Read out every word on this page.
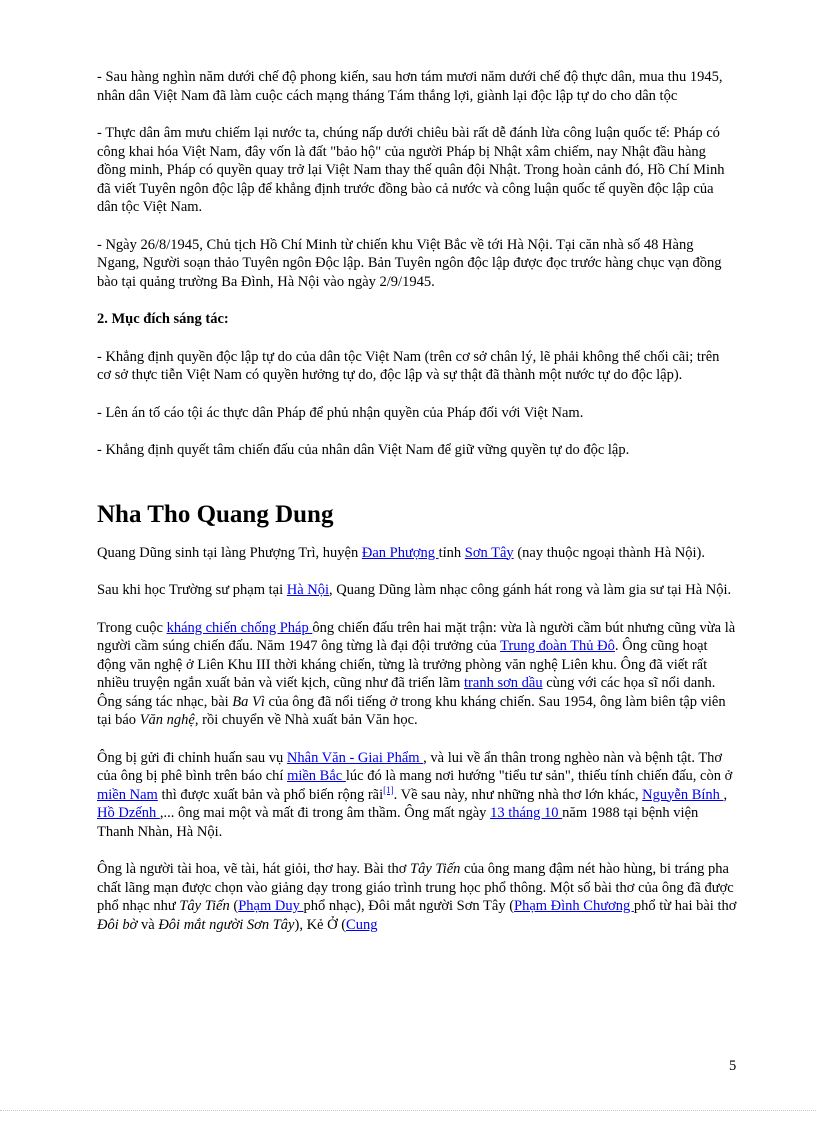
- Sau hàng nghìn năm dưới chế độ phong kiến, sau hơn tám mươi năm dưới chế độ thực dân, mua thu 1945, nhân dân Việt Nam đã làm cuộc cách mạng tháng Tám thắng lợi, giành lại độc lập tự do cho dân tộc

- Thực dân âm mưu chiếm lại nước ta, chúng nấp dưới chiêu bài rất dễ đánh lừa công luận quốc tế: Pháp có công khai hóa Việt Nam, đây vốn là đất "bảo hộ" của người Pháp bị Nhật xâm chiếm, nay Nhật đầu hàng đồng minh, Pháp có quyền quay trở lại Việt Nam thay thế quân đội Nhật. Trong hoàn cảnh đó, Hồ Chí Minh đã viết Tuyên ngôn độc lập để khẳng định trước đồng bào cả nước và công luận quốc tế quyền độc lập của dân tộc Việt Nam.

- Ngày 26/8/1945, Chủ tịch Hồ Chí Minh từ chiến khu Việt Bắc về tới Hà Nội. Tại căn nhà số 48 Hàng Ngang, Người soạn thảo Tuyên ngôn Độc lập. Bản Tuyên ngôn độc lập được đọc trước hàng chục vạn đồng bào tại quảng trường Ba Đình, Hà Nội vào ngày 2/9/1945.

2. Mục đích sáng tác:

- Khẳng định quyền độc lập tự do của dân tộc Việt Nam (trên cơ sở chân lý, lẽ phải không thể chối cãi; trên cơ sở thực tiễn Việt Nam có quyền hưởng tự do, độc lập và sự thật đã thành một nước tự do độc lập).

- Lên án tố cáo tội ác thực dân Pháp để phủ nhận quyền của Pháp đối với Việt Nam.

- Khẳng định quyết tâm chiến đấu của nhân dân Việt Nam để giữ vững quyền tự do độc lập.

Nha Tho Quang Dung

Quang Dũng sinh tại làng Phượng Trì, huyện Đan Phượng tỉnh Sơn Tây (nay thuộc ngoại thành Hà Nội).

Sau khi học Trường sư phạm tại Hà Nội, Quang Dũng làm nhạc công gánh hát rong và làm gia sư tại Hà Nội.

Trong cuộc kháng chiến chống Pháp ông chiến đấu trên hai mặt trận: vừa là người cầm bút nhưng cũng vừa là người cầm súng chiến đấu. Năm 1947 ông từng là đại đội trưởng của Trung đoàn Thủ Đô. Ông cũng hoạt động văn nghệ ở Liên Khu III thời kháng chiến, từng là trưởng phòng văn nghệ Liên khu. Ông đã viết rất nhiều truyện ngắn xuất bản và viết kịch, cũng như đã triển lãm tranh sơn dầu cùng với các họa sĩ nổi danh. Ông sáng tác nhạc, bài Ba Vì của ông đã nổi tiếng ở trong khu kháng chiến. Sau 1954, ông làm biên tập viên tại báo Văn nghệ, rồi chuyển về Nhà xuất bản Văn học.

Ông bị gửi đi chỉnh huấn sau vụ Nhân Văn - Giai Phẩm , và lui về ẩn thân trong nghèo nàn và bệnh tật. Thơ của ông bị phê bình trên báo chí miền Bắc lúc đó là mang nơi hướng "tiểu tư sản", thiếu tính chiến đấu, còn ở miền Nam thì được xuất bản và phổ biến rộng rãi[1]. Về sau này, như những nhà thơ lớn khác, Nguyễn Bính , Hồ Dzếnh ,... ông mai một và mất đi trong âm thầm. Ông mất ngày 13 tháng 10 năm 1988 tại bệnh viện Thanh Nhàn, Hà Nội.

Ông là người tài hoa, vẽ tài, hát giỏi, thơ hay. Bài thơ Tây Tiến của ông mang đậm nét hào hùng, bi tráng pha chất lãng mạn được chọn vào giảng dạy trong giáo trình trung học phổ thông. Một số bài thơ của ông đã được phổ nhạc như Tây Tiến (Phạm Duy phổ nhạc), Đôi mắt người Sơn Tây (Phạm Đình Chương phổ từ hai bài thơ Đôi bờ và Đôi mắt người Sơn Tây), Kẻ Ở (Cung

5
